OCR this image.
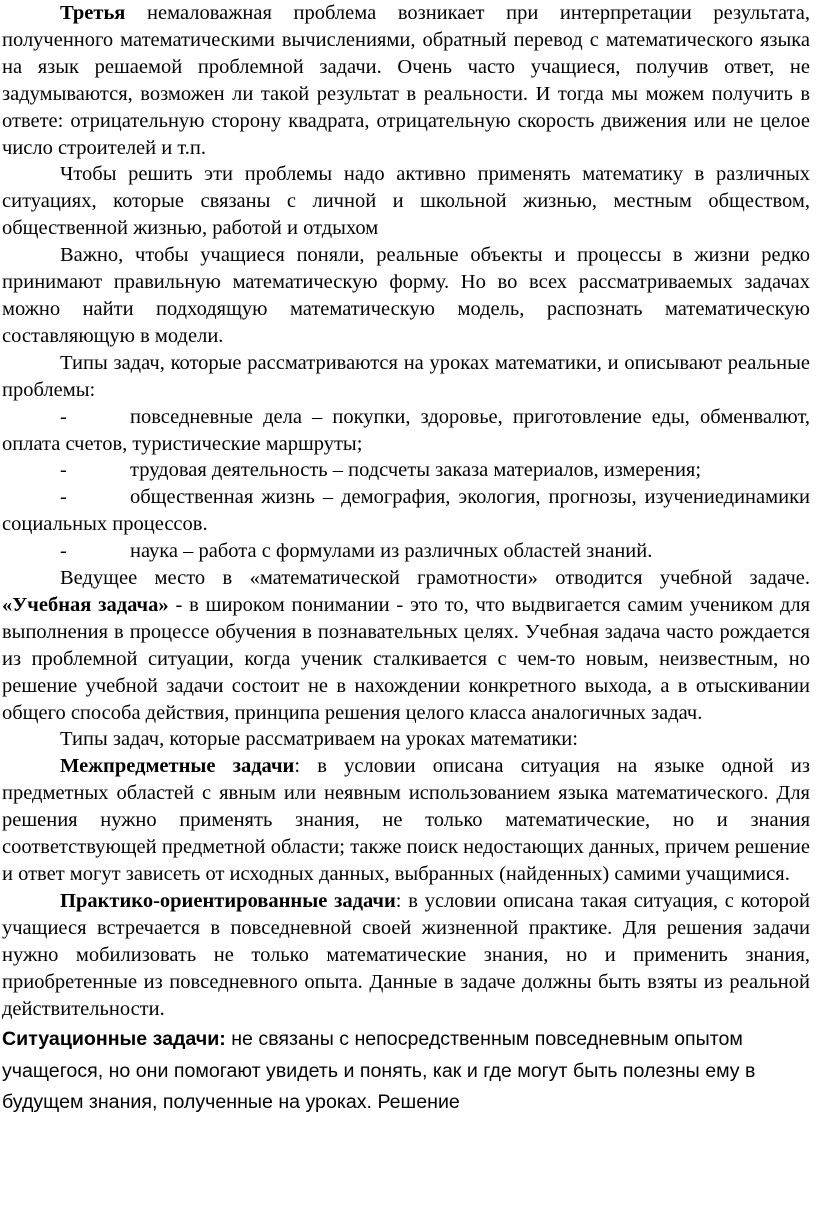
Третья немаловажная проблема возникает при интерпретации результата, полученного математическими вычислениями, обратный перевод с математического языка на язык решаемой проблемной задачи. Очень часто учащиеся, получив ответ, не задумываются, возможен ли такой результат в реальности. И тогда мы можем получить в ответе: отрицательную сторону квадрата, отрицательную скорость движения или не целое число строителей и т.п.

Чтобы решить эти проблемы надо активно применять математику в различных ситуациях, которые связаны с личной и школьной жизнью, местным обществом, общественной жизнью, работой и отдыхом

Важно, чтобы учащиеся поняли, реальные объекты и процессы в жизни редко принимают правильную математическую форму. Но во всех рассматриваемых задачах можно найти подходящую математическую модель, распознать математическую составляющую в модели.

Типы задач, которые рассматриваются на уроках математики, и описывают реальные проблемы:

-	повседневные дела – покупки, здоровье, приготовление еды, обменвалют, оплата счетов, туристические маршруты;

-	трудовая деятельность – подсчеты заказа материалов, измерения;

-	общественная жизнь – демография, экология, прогнозы, изучениединамики социальных процессов.

-	наука – работа с формулами из различных областей знаний.

Ведущее место в «математической грамотности» отводится учебной задаче. «Учебная задача» - в широком понимании - это то, что выдвигается самим учеником для выполнения в процессе обучения в познавательных целях. Учебная задача часто рождается из проблемной ситуации, когда ученик сталкивается с чем-то новым, неизвестным, но решение учебной задачи состоит не в нахождении конкретного выхода, а в отыскивании общего способа действия, принципа решения целого класса аналогичных задач.

Типы задач, которые рассматриваем на уроках математики:

Межпредметные задачи: в условии описана ситуация на языке одной из предметных областей с явным или неявным использованием языка математического. Для решения нужно применять знания, не только математические, но и знания соответствующей предметной области; также поиск недостающих данных, причем решение и ответ могут зависеть от исходных данных, выбранных (найденных) самими учащимися.

Практико-ориентированные задачи: в условии описана такая ситуация, с которой учащиеся встречается в повседневной своей жизненной практике. Для решения задачи нужно мобилизовать не только математические знания, но и применить знания, приобретенные из повседневного опыта. Данные в задаче должны быть взяты из реальной действительности.

Ситуационные задачи: не связаны с непосредственным повседневным опытом учащегося, но они помогают увидеть и понять, как и где могут быть полезны ему в будущем знания, полученные на уроках. Решение
